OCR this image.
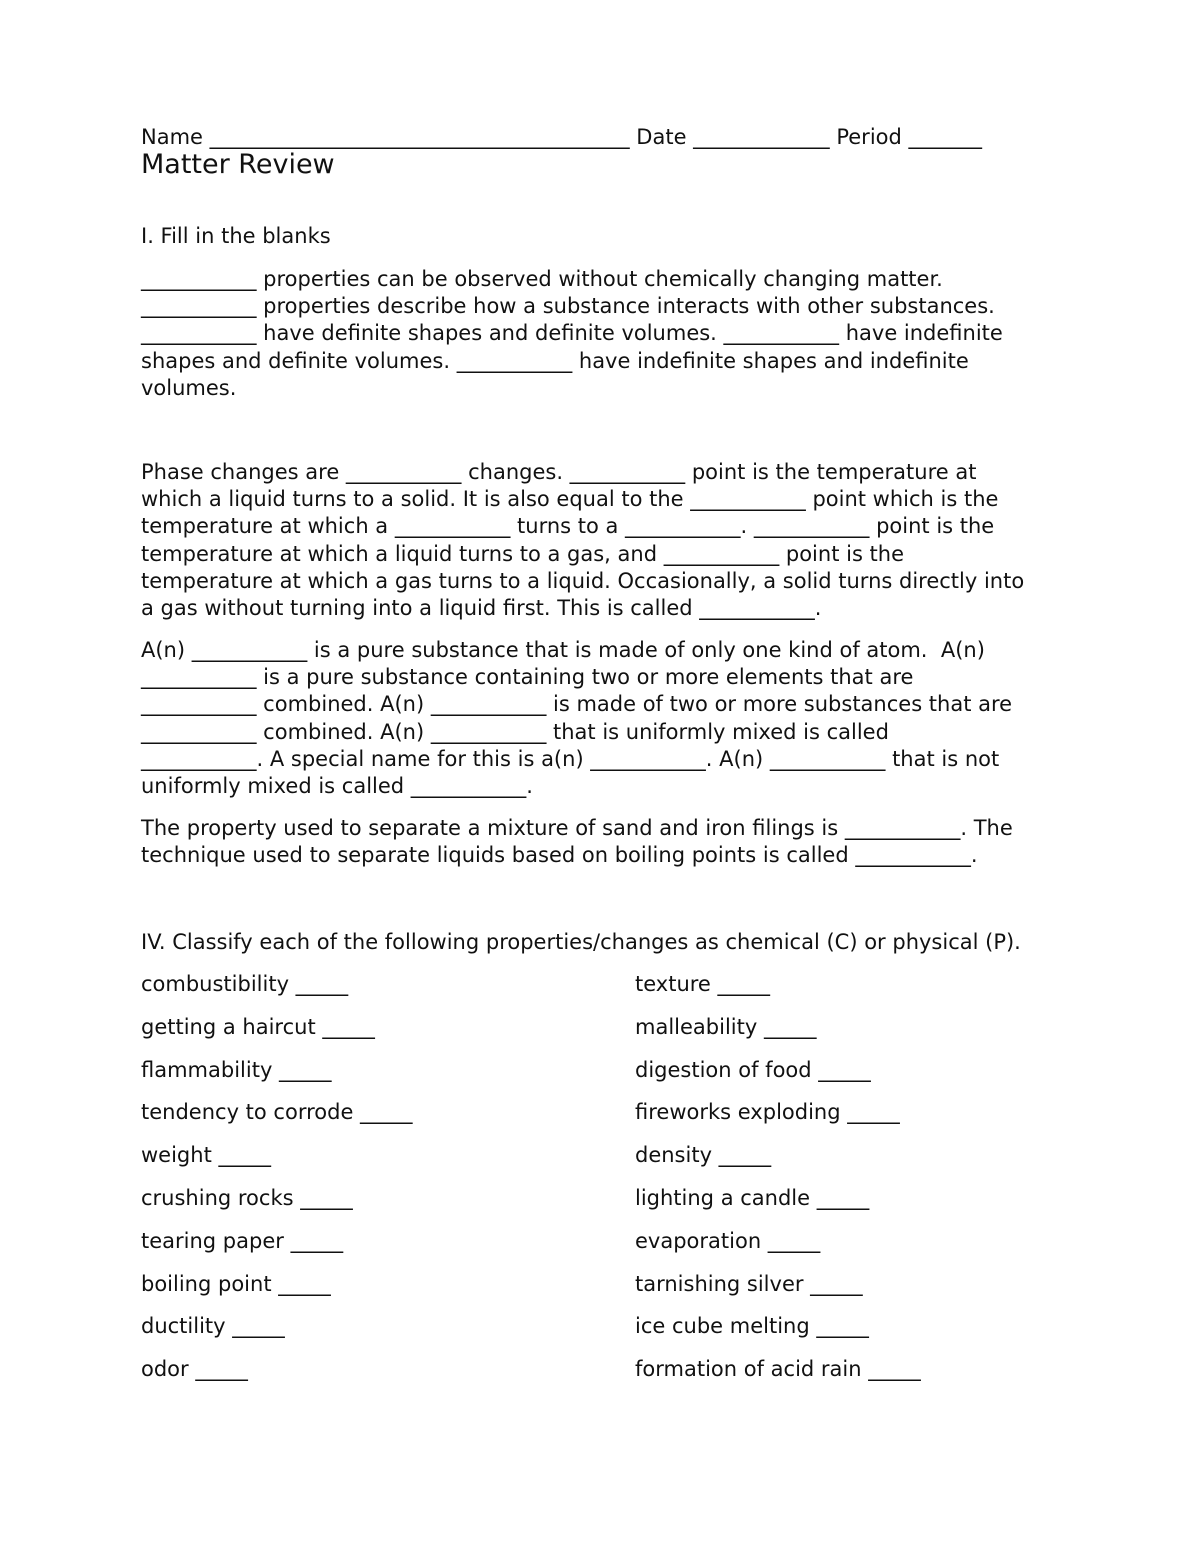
Name ________________________________________ Date _____________ Period _______
Matter Review
I. Fill in the blanks
___________ properties can be observed without chemically changing matter.
___________ properties describe how a substance interacts with other substances.
___________ have definite shapes and definite volumes. ___________ have indefinite
shapes and definite volumes. ___________ have indefinite shapes and indefinite
volumes.
Phase changes are ___________ changes. ___________ point is the temperature at
which a liquid turns to a solid. It is also equal to the ___________ point which is the
temperature at which a ___________ turns to a ___________. ___________ point is the
temperature at which a liquid turns to a gas, and ___________ point is the
temperature at which a gas turns to a liquid. Occasionally, a solid turns directly into
a gas without turning into a liquid first. This is called ___________.
A(n) ___________ is a pure substance that is made of only one kind of atom.  A(n)
___________ is a pure substance containing two or more elements that are
___________ combined. A(n) ___________ is made of two or more substances that are
___________ combined. A(n) ___________ that is uniformly mixed is called
___________. A special name for this is a(n) ___________. A(n) ___________ that is not
uniformly mixed is called ___________.
The property used to separate a mixture of sand and iron filings is ___________. The
technique used to separate liquids based on boiling points is called ___________.
IV. Classify each of the following properties/changes as chemical (C) or physical (P).
combustibility _____
getting a haircut _____
flammability _____
tendency to corrode _____
weight _____
crushing rocks _____
tearing paper _____
boiling point _____
ductility _____
odor _____
texture _____
malleability _____
digestion of food _____
fireworks exploding _____
density _____
lighting a candle _____
evaporation _____
tarnishing silver _____
ice cube melting _____
formation of acid rain _____
